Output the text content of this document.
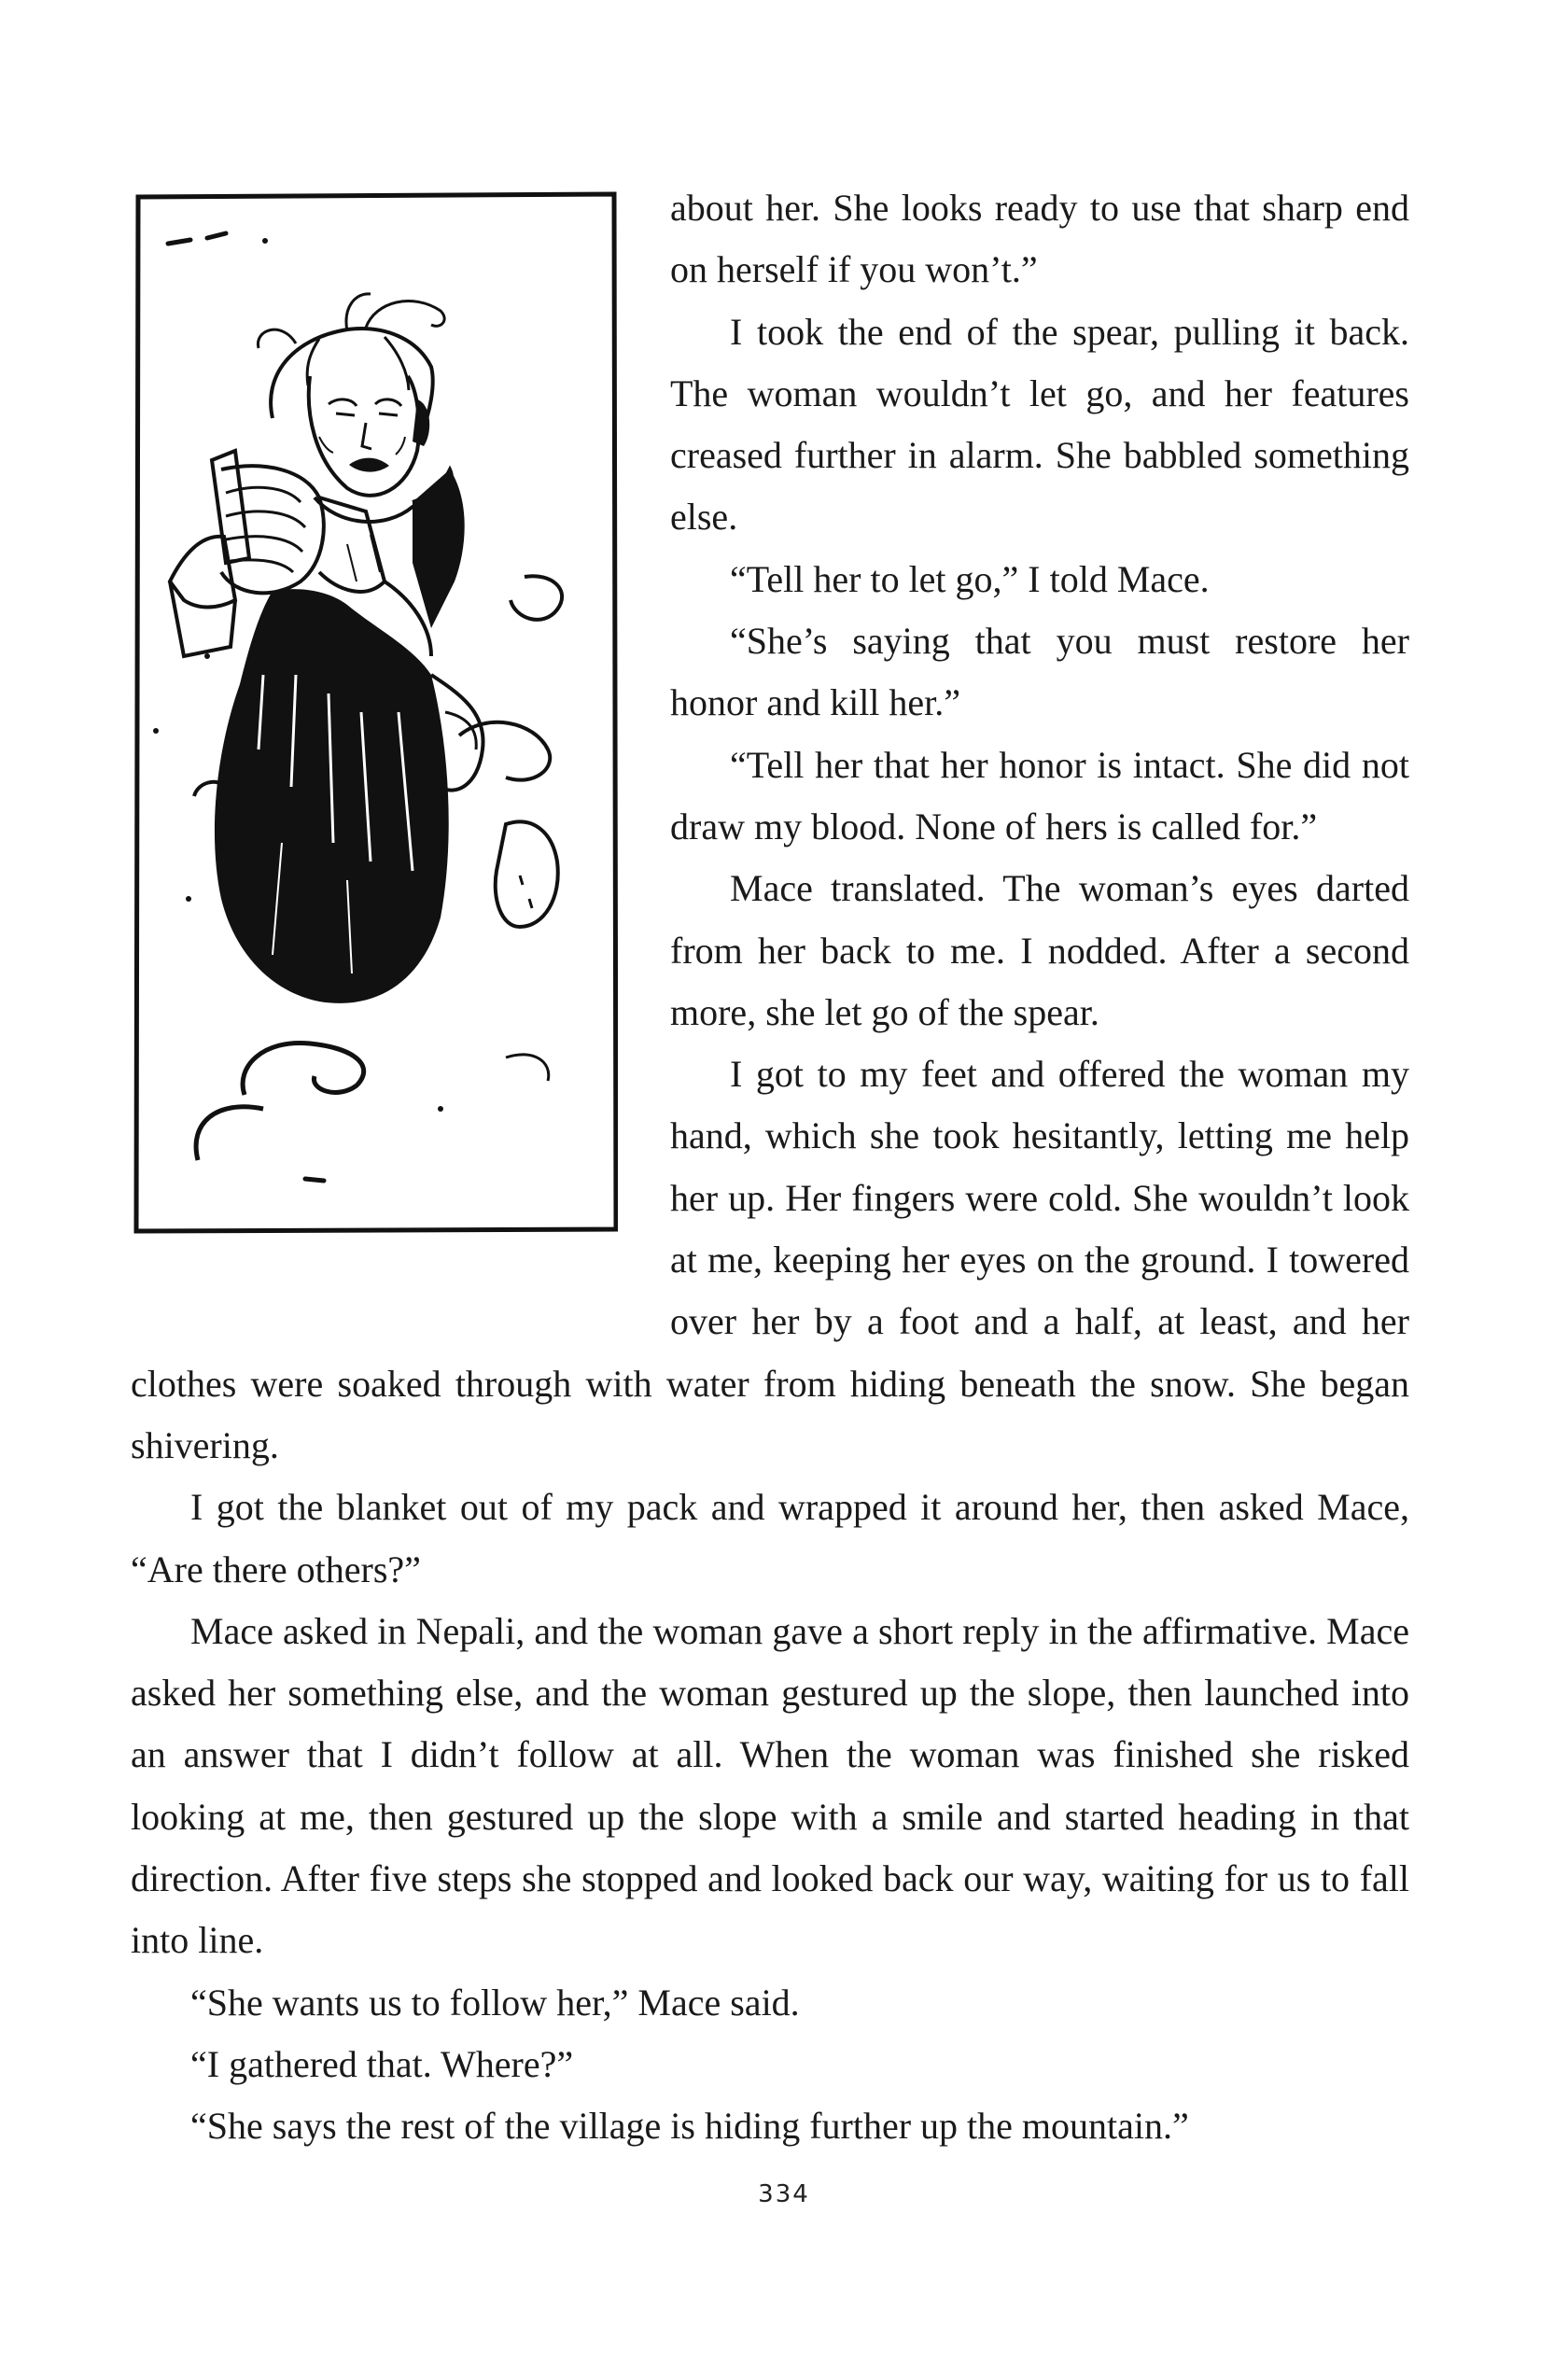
about her. She looks ready to use that sharp end on herself if you won’t.”

I took the end of the spear, pulling it back. The woman wouldn’t let go, and her features creased further in alarm. She babbled something else.

“Tell her to let go,” I told Mace.

“She’s saying that you must restore her honor and kill her.”

“Tell her that her honor is intact. She did not draw my blood. None of hers is called for.”

Mace translated. The woman’s eyes darted from her back to me. I nodded. After a second more, she let go of the spear.

I got to my feet and offered the woman my hand, which she took hesitantly, letting me help her up. Her fingers were cold. She wouldn’t look at me, keeping her eyes on the ground. I towered over her by a foot and a half, at least, and her clothes were soaked through with water from hiding beneath the snow. She began shivering.

I got the blanket out of my pack and wrapped it around her, then asked Mace, “Are there others?”

Mace asked in Nepali, and the woman gave a short reply in the affirmative. Mace asked her something else, and the woman gestured up the slope, then launched into an answer that I didn’t follow at all. When the woman was finished she risked looking at me, then gestured up the slope with a smile and started heading in that direction. After five steps she stopped and looked back our way, waiting for us to fall into line.

“She wants us to follow her,” Mace said.

“I gathered that. Where?”

“She says the rest of the village is hiding further up the mountain.”

334
